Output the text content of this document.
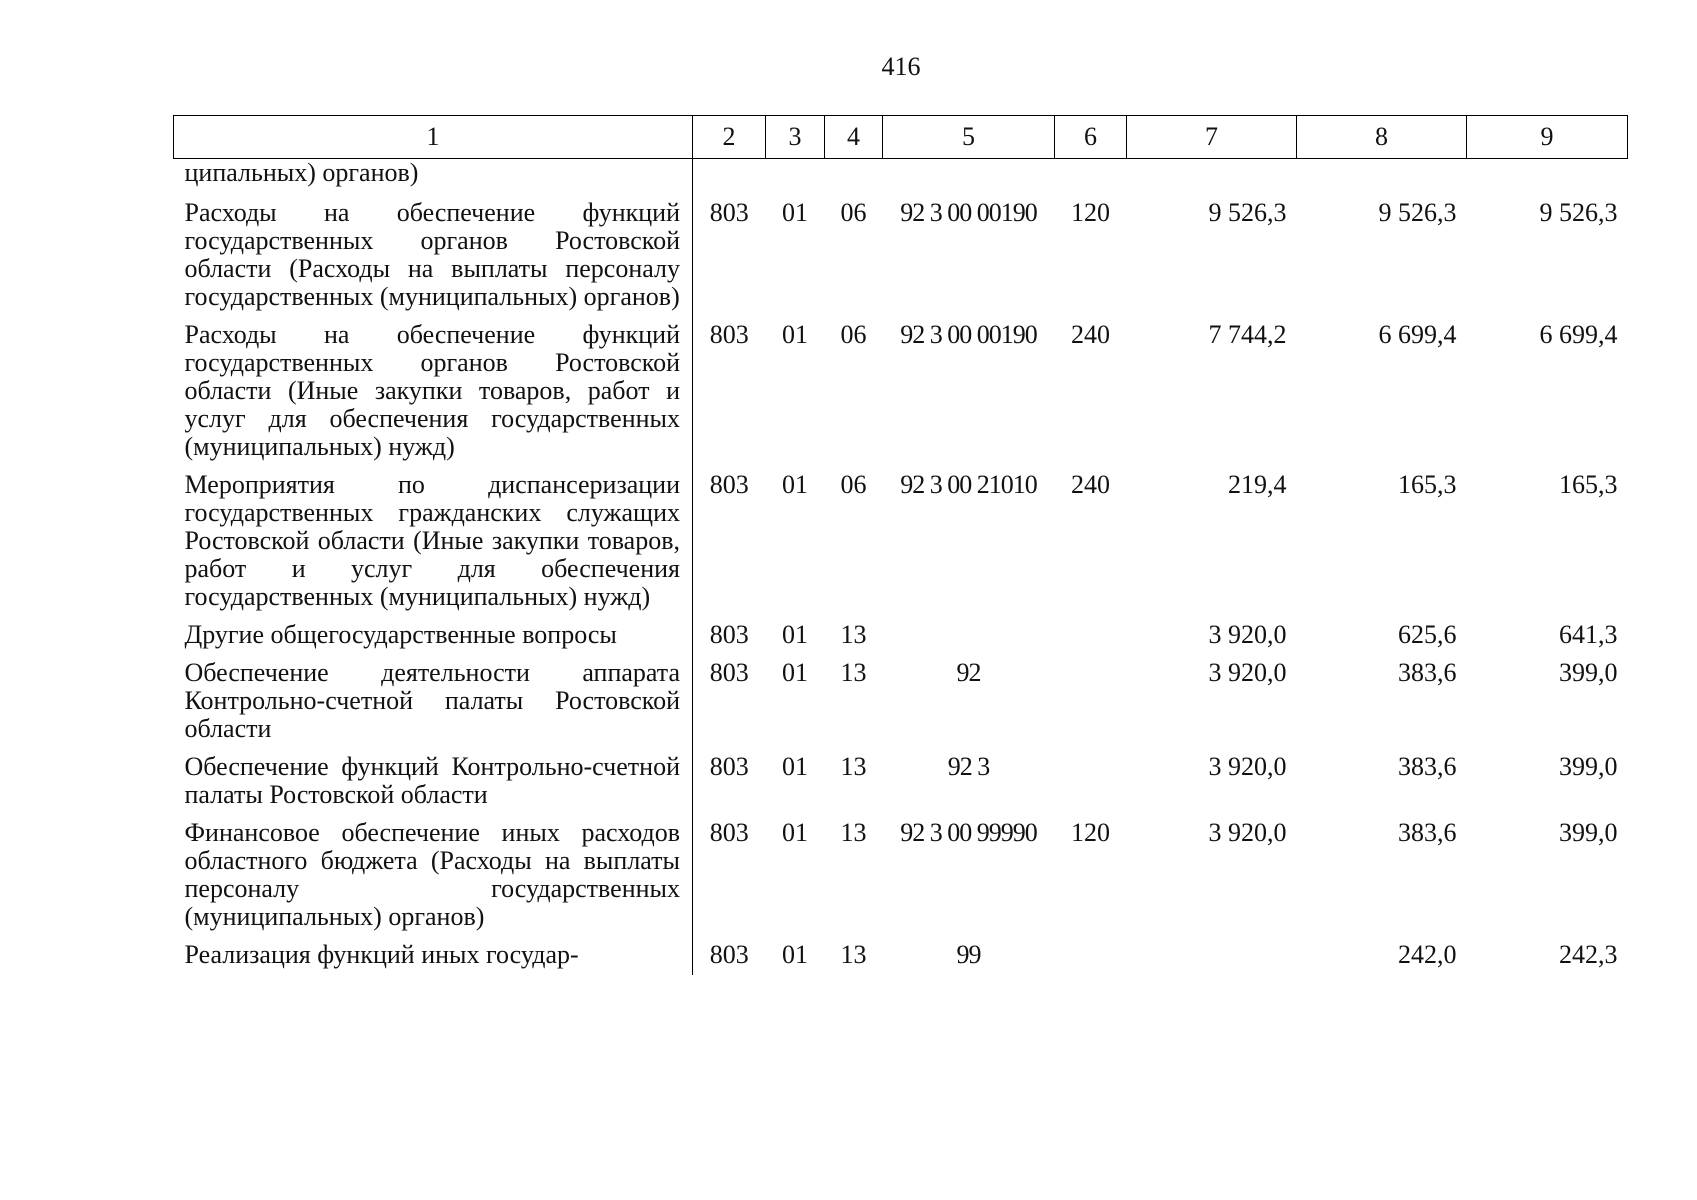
416
1	2	3	4	5	6	7	8	9
ципальных) органов)								
Расходы на обеспечение функций государственных органов Ростовской области (Расходы на выплаты персоналу государственных (муниципальных) органов)	803	01	06	92 3 00 00190	120	9 526,3	9 526,3	9 526,3
Расходы на обеспечение функций государственных органов Ростовской области (Иные закупки товаров, работ и услуг для обеспечения государственных (муниципальных) нужд)	803	01	06	92 3 00 00190	240	7 744,2	6 699,4	6 699,4
Мероприятия по диспансеризации государственных гражданских служащих Ростовской области (Иные закупки товаров, работ и услуг для обеспечения государственных (муниципальных) нужд)	803	01	06	92 3 00 21010	240	219,4	165,3	165,3
Другие общегосударственные вопросы	803	01	13			3 920,0	625,6	641,3
Обеспечение деятельности аппарата Контрольно-счетной палаты Ростовской области	803	01	13	92		3 920,0	383,6	399,0
Обеспечение функций Контрольно-счетной палаты Ростовской области	803	01	13	92 3		3 920,0	383,6	399,0
Финансовое обеспечение иных расходов областного бюджета (Расходы на выплаты персоналу государственных (муниципальных) органов)	803	01	13	92 3 00 99990	120	3 920,0	383,6	399,0
Реализация функций иных государ-	803	01	13	99			242,0	242,3
